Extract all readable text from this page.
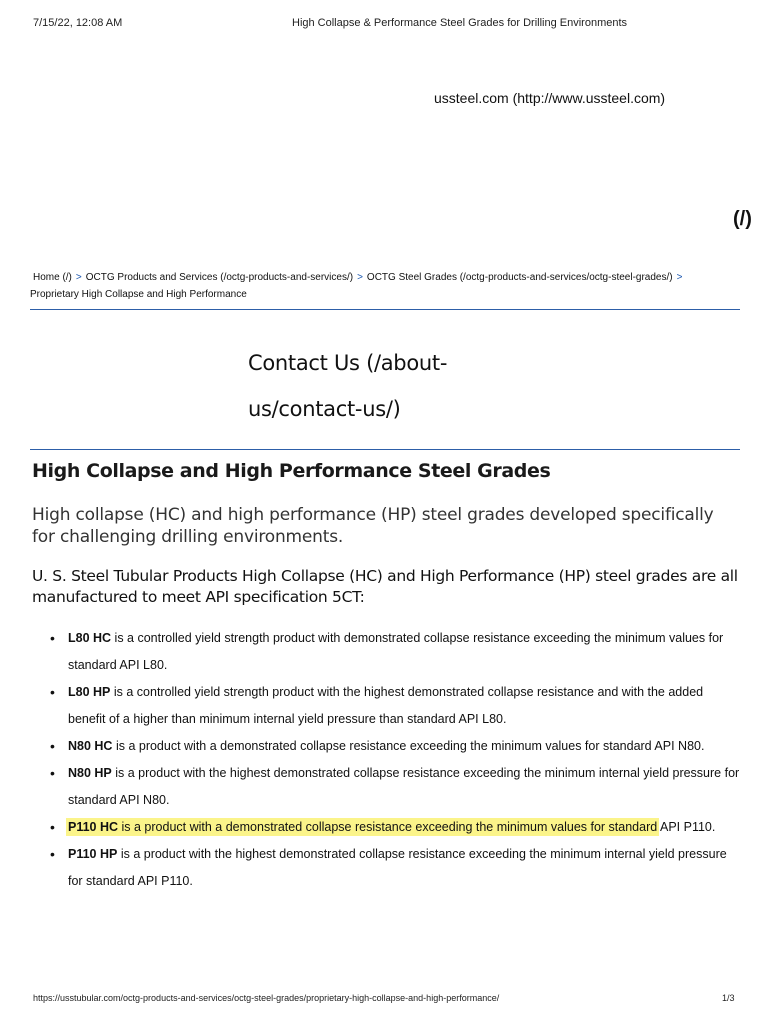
7/15/22, 12:08 AM	High Collapse & Performance Steel Grades for Drilling Environments
ussteel.com (http://www.ussteel.com)
(/)
Home (/) > OCTG Products and Services (/octg-products-and-services/) > OCTG Steel Grades (/octg-products-and-services/octg-steel-grades/) >
Proprietary High Collapse and High Performance
Contact Us (/about-us/contact-us/)
High Collapse and High Performance Steel Grades

High collapse (HC) and high performance (HP) steel grades developed specifically for challenging drilling environments.

U. S. Steel Tubular Products High Collapse (HC) and High Performance (HP) steel grades are all manufactured to meet API specification 5CT:

• L80 HC is a controlled yield strength product with demonstrated collapse resistance exceeding the minimum values for standard API L80.
• L80 HP is a controlled yield strength product with the highest demonstrated collapse resistance and with the added benefit of a higher than minimum internal yield pressure than standard API L80.
• N80 HC is a product with a demonstrated collapse resistance exceeding the minimum values for standard API N80.
• N80 HP is a product with the highest demonstrated collapse resistance exceeding the minimum internal yield pressure for standard API N80.
• P110 HC is a product with a demonstrated collapse resistance exceeding the minimum values for standard API P110.
• P110 HP is a product with the highest demonstrated collapse resistance exceeding the minimum internal yield pressure for standard API P110.
https://usstubular.com/octg-products-and-services/octg-steel-grades/proprietary-high-collapse-and-high-performance/	1/3
